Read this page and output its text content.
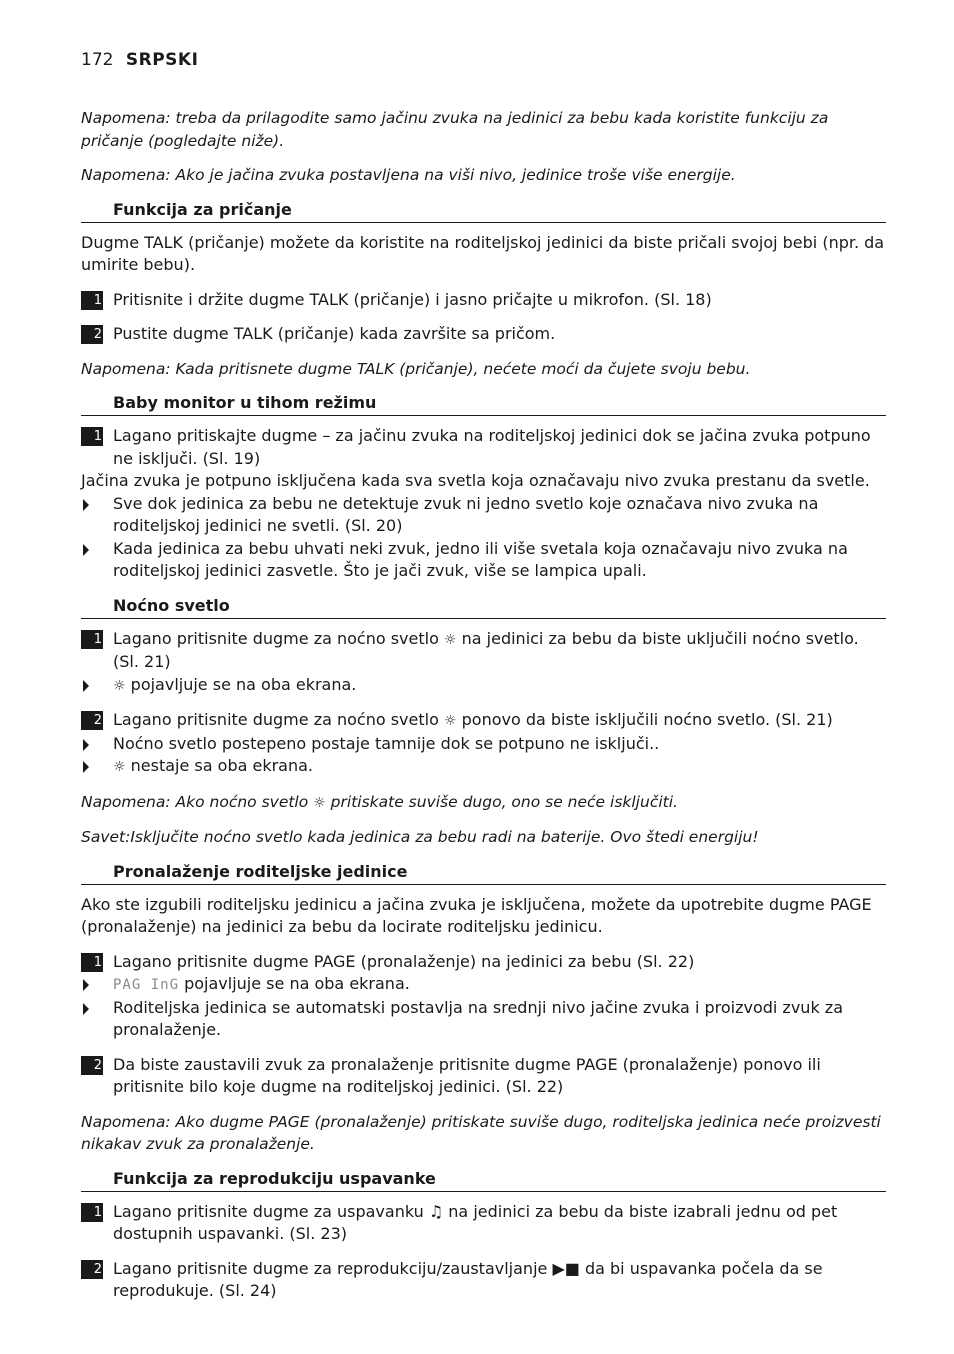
172 SRPSKI

Napomena: treba da prilagodite samo jačinu zvuka na jedinici za bebu kada koristite funkciju za pričanje (pogledajte niže).

Napomena: Ako je jačina zvuka postavljena na viši nivo, jedinice troše više energije.

Funkcija za pričanje

Dugme TALK (pričanje) možete da koristite na roditeljskoj jedinici da biste pričali svojoj bebi (npr. da umirite bebu).

1 Pritisnite i držite dugme TALK (pričanje) i jasno pričajte u mikrofon. (Sl. 18)
2 Pustite dugme TALK (pričanje) kada završite sa pričom.

Napomena: Kada pritisnete dugme TALK (pričanje), nećete moći da čujete svoju bebu.

Baby monitor u tihom režimu
1 Lagano pritiskajte dugme – za jačinu zvuka na roditeljskoj jedinici dok se jačina zvuka potpuno ne isključi. (Sl. 19)

Jačina zvuka je potpuno isključena kada sva svetla koja označavaju nivo zvuka prestanu da svetle.

Sve dok jedinica za bebu ne detektuje zvuk ni jedno svetlo koje označava nivo zvuka na roditeljskoj jedinici ne svetli. (Sl. 20)
Kada jedinica za bebu uhvati neki zvuk, jedno ili više svetala koja označavaju nivo zvuka na roditeljskoj jedinici zasvetle. Što je jači zvuk, više se lampica upali.
Noćno svetlo
1 Lagano pritisnite dugme za noćno svetlo ☼ na jedinici za bebu da biste uključili noćno svetlo. (Sl. 21)
☼ pojavljuje se na oba ekrana.
2 Lagano pritisnite dugme za noćno svetlo ☼ ponovo da biste isključili noćno svetlo. (Sl. 21)
Noćno svetlo postepeno postaje tamnije dok se potpuno ne isključi..
☼ nestaje sa oba ekrana.

Napomena: Ako noćno svetlo ☼ pritiskate suviše dugo, ono se neće isključiti.

Savet:Isključite noćno svetlo kada jedinica za bebu radi na baterije. Ovo štedi energiju!

Pronalaženje roditeljske jedinice

Ako ste izgubili roditeljsku jedinicu a jačina zvuka je isključena, možete da upotrebite dugme PAGE (pronalaženje) na jedinici za bebu da locirate roditeljsku jedinicu.

1 Lagano pritisnite dugme PAGE (pronalaženje) na jedinici za bebu (Sl. 22)
PAG InG pojavljuje se na oba ekrana.
Roditeljska jedinica se automatski postavlja na srednji nivo jačine zvuka i proizvodi zvuk za pronalaženje.
2 Da biste zaustavili zvuk za pronalaženje pritisnite dugme PAGE (pronalaženje) ponovo ili pritisnite bilo koje dugme na roditeljskoj jedinici. (Sl. 22)

Napomena: Ako dugme PAGE (pronalaženje) pritiskate suviše dugo, roditeljska jedinica neće proizvesti nikakav zvuk za pronalaženje.

Funkcija za reprodukciju uspavanke
1 Lagano pritisnite dugme za uspavanku ♫ na jedinici za bebu da biste izabrali jednu od pet dostupnih uspavanki. (Sl. 23)
2 Lagano pritisnite dugme za reprodukciju/zaustavljanje ▶■ da bi uspavanka počela da se reprodukuje. (Sl. 24)
